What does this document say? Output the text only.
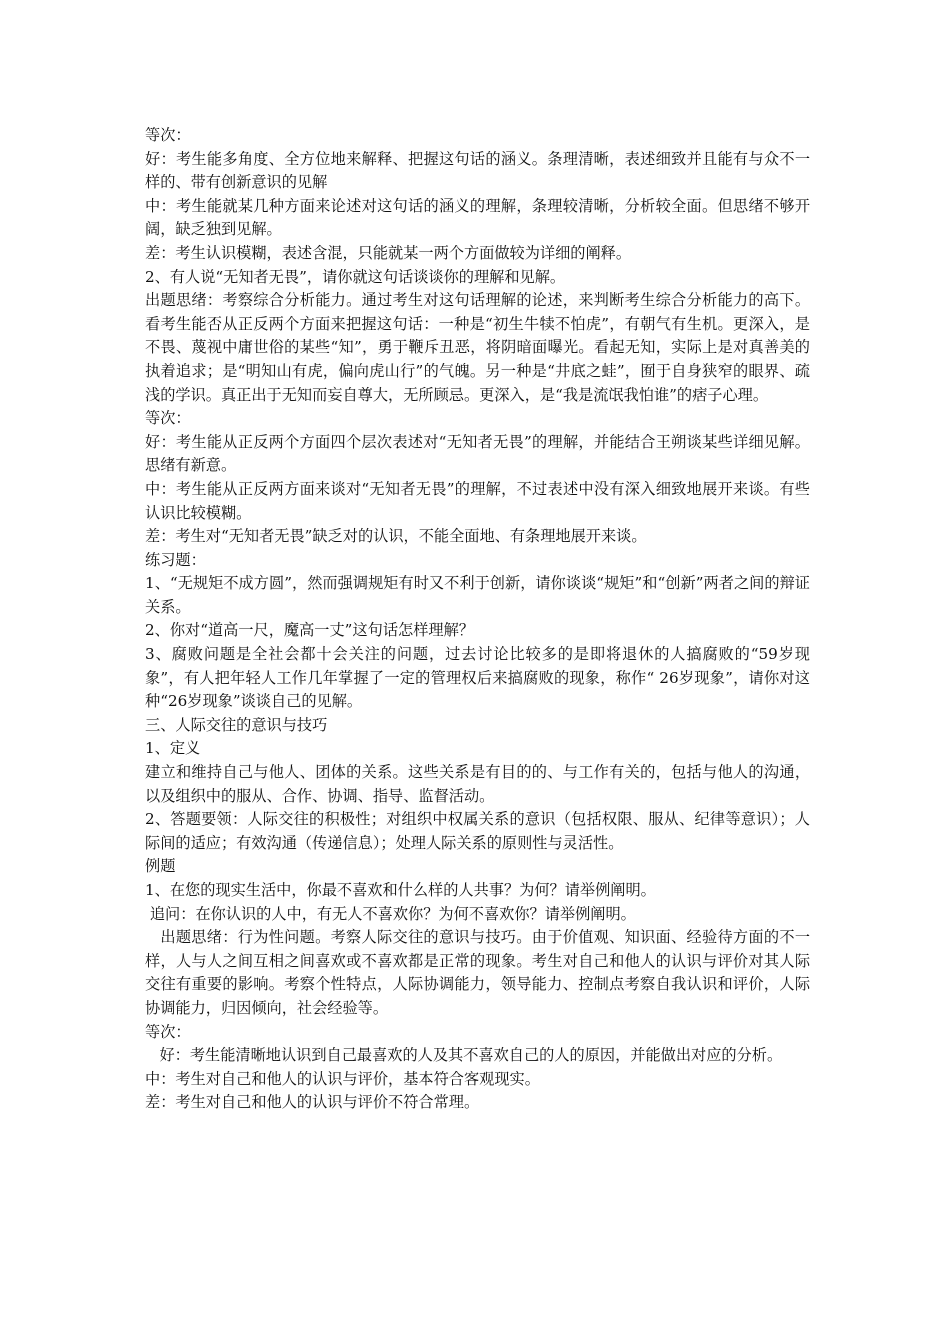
等次：

好：考生能多角度、全方位地来解释、把握这句话的涵义。条理清晰，表述细致并且能有与众不一样的、带有创新意识的见解

中：考生能就某几种方面来论述对这句话的涵义的理解，条理较清晰，分析较全面。但思绪不够开阔，缺乏独到见解。

差：考生认识模糊，表述含混，只能就某一两个方面做较为详细的阐释。

2、有人说“无知者无畏”，请你就这句话谈谈你的理解和见解。

出题思绪：考察综合分析能力。通过考生对这句话理解的论述，来判断考生综合分析能力的高下。看考生能否从正反两个方面来把握这句话：一种是“初生牛犊不怕虎”，有朝气有生机。更深入，是不畏、蔑视中庸世俗的某些“知”，勇于鞭斥丑恶，将阴暗面曝光。看起无知，实际上是对真善美的执着追求；是“明知山有虎，偏向虎山行”的气魄。另一种是“井底之蛙”，囿于自身狭窄的眼界、疏浅的学识。真正出于无知而妄自尊大，无所顾忌。更深入，是“我是流氓我怕谁”的痞子心理。

等次：

好：考生能从正反两个方面四个层次表述对“无知者无畏”的理解，并能结合王朔谈某些详细见解。思绪有新意。

中：考生能从正反两方面来谈对“无知者无畏”的理解，不过表述中没有深入细致地展开来谈。有些认识比较模糊。

差：考生对“无知者无畏”缺乏对的认识，不能全面地、有条理地展开来谈。

练习题：

1、“无规矩不成方圆”，然而强调规矩有时又不利于创新，请你谈谈“规矩”和“创新”两者之间的辩证关系。

2、你对“道高一尺，魔高一丈”这句话怎样理解？

3、腐败问题是全社会都十会关注的问题，过去讨论比较多的是即将退休的人搞腐败的“59岁现象”，有人把年轻人工作几年掌握了一定的管理权后来搞腐败的现象，称作“ 26岁现象”，请你对这种“26岁现象”谈谈自己的见解。

三、人际交往的意识与技巧

1、定义

建立和维持自己与他人、团体的关系。这些关系是有目的的、与工作有关的，包括与他人的沟通，以及组织中的服从、合作、协调、指导、监督活动。

2、答题要领：人际交往的积极性；对组织中权属关系的意识（包括权限、服从、纪律等意识）；人际间的适应；有效沟通（传递信息）；处理人际关系的原则性与灵活性。

例题

1、在您的现实生活中，你最不喜欢和什么样的人共事？为何？请举例阐明。

追问：在你认识的人中，有无人不喜欢你？为何不喜欢你？请举例阐明。

出题思绪：行为性问题。考察人际交往的意识与技巧。由于价值观、知识面、经验待方面的不一样，人与人之间互相之间喜欢或不喜欢都是正常的现象。考生对自己和他人的认识与评价对其人际交往有重要的影响。考察个性特点，人际协调能力，领导能力、控制点考察自我认识和评价，人际协调能力，归因倾向，社会经验等。

等次：

好：考生能清晰地认识到自己最喜欢的人及其不喜欢自己的人的原因，并能做出对应的分析。

中：考生对自己和他人的认识与评价，基本符合客观现实。

差：考生对自己和他人的认识与评价不符合常理。
